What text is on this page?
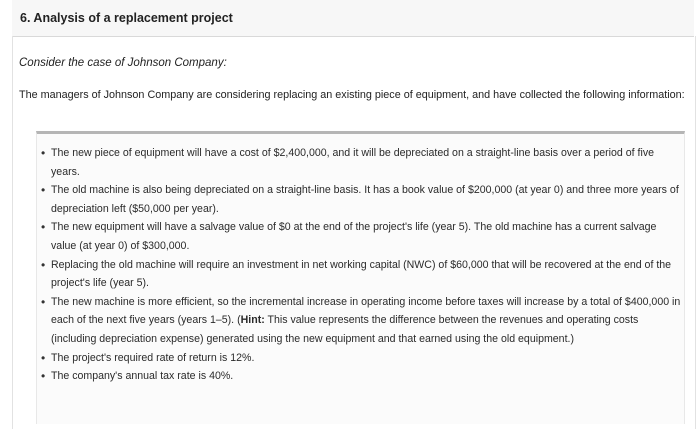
6. Analysis of a replacement project
Consider the case of Johnson Company:
The managers of Johnson Company are considering replacing an existing piece of equipment, and have collected the following information:
• The new piece of equipment will have a cost of $2,400,000, and it will be depreciated on a straight-line basis over a period of five years.
• The old machine is also being depreciated on a straight-line basis. It has a book value of $200,000 (at year 0) and three more years of depreciation left ($50,000 per year).
• The new equipment will have a salvage value of $0 at the end of the project's life (year 5). The old machine has a current salvage value (at year 0) of $300,000.
• Replacing the old machine will require an investment in net working capital (NWC) of $60,000 that will be recovered at the end of the project's life (year 5).
• The new machine is more efficient, so the incremental increase in operating income before taxes will increase by a total of $400,000 in each of the next five years (years 1–5). (Hint: This value represents the difference between the revenues and operating costs (including depreciation expense) generated using the new equipment and that earned using the old equipment.)
• The project's required rate of return is 12%.
• The company's annual tax rate is 40%.
